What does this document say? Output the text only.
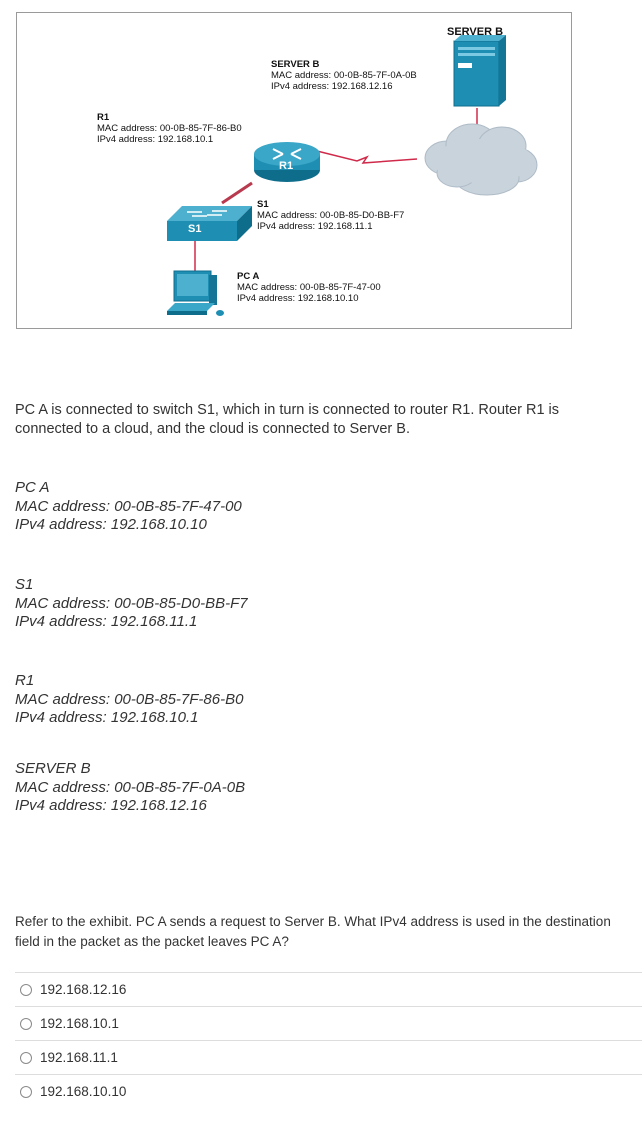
SERVER B
SERVER B
MAC address: 00-0B-85-7F-0A-0B
IPv4 address: 192.168.12.16
R1
MAC address: 00-0B-85-7F-86-B0
IPv4 address: 192.168.10.1
R1
S1
MAC address: 00-0B-85-D0-BB-F7
IPv4 address: 192.168.11.1
S1
PC A
MAC address: 00-0B-85-7F-47-00
IPv4 address: 192.168.10.10
PC A is connected to switch S1, which in turn is connected to router R1. Router R1 is connected to a cloud, and the cloud is connected to Server B.
PC A
MAC address: 00-0B-85-7F-47-00
IPv4 address: 192.168.10.10
S1
MAC address: 00-0B-85-D0-BB-F7
IPv4 address: 192.168.11.1
R1
MAC address: 00-0B-85-7F-86-B0
IPv4 address: 192.168.10.1
SERVER B
MAC address: 00-0B-85-7F-0A-0B
IPv4 address: 192.168.12.16
Refer to the exhibit. PC A sends a request to Server B. What IPv4 address is used in the destination field in the packet as the packet leaves PC A?
192.168.12.16
192.168.10.1
192.168.11.1
192.168.10.10
